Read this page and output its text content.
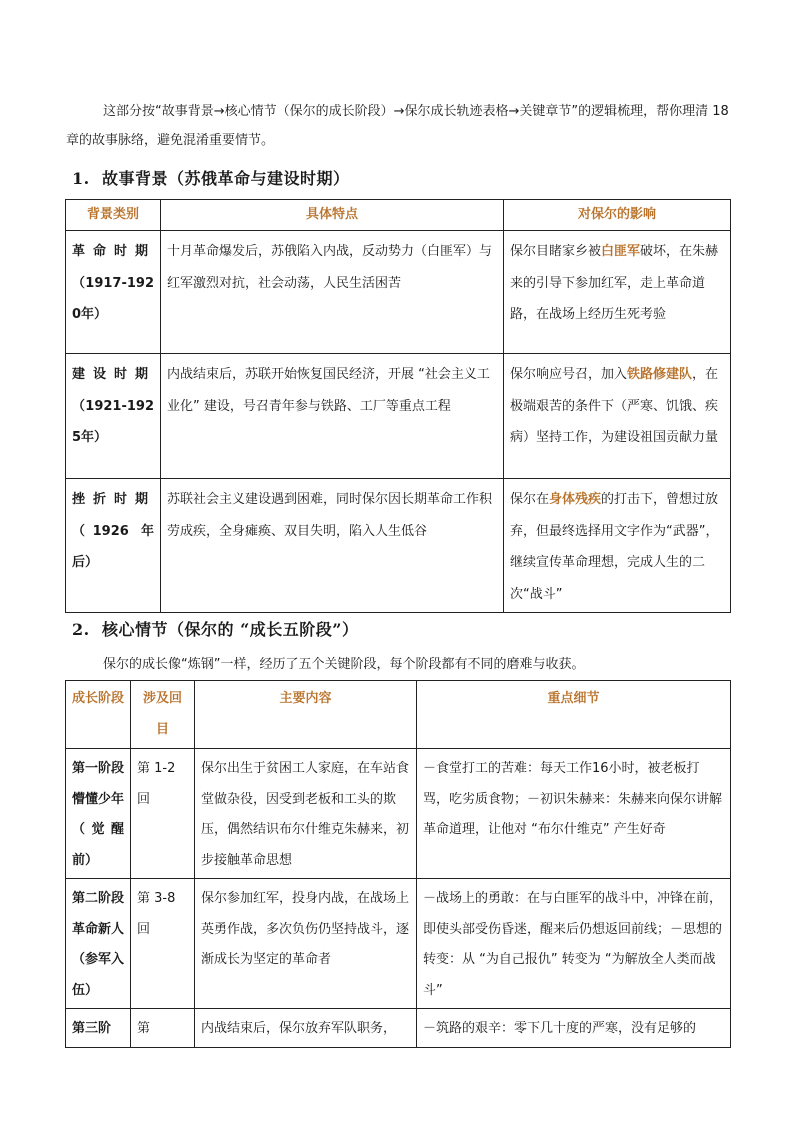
这部分按“故事背景→核心情节（保尔的成长阶段）→保尔成长轨迹表格→关键章节”的逻辑梳理，帮你理清 18 章的故事脉络，避免混淆重要情节。

1. 故事背景（苏俄革命与建设时期）
背景类别	具体特点	对保尔的影响
革命时期（1917-1920年）	十月革命爆发后，苏俄陷入内战，反动势力（白匪军）与红军激烈对抗，社会动荡，人民生活困苦	保尔目睹家乡被白匪军破坏，在朱赫来的引导下参加红军，走上革命道路，在战场上经历生死考验
建设时期（1921-1925年）	内战结束后，苏联开始恢复国民经济，开展 “社会主义工业化” 建设，号召青年参与铁路、工厂等重点工程	保尔响应号召，加入铁路修建队，在极端艰苦的条件下（严寒、饥饿、疾病）坚持工作，为建设祖国贡献力量
挫折时期（1926 年后）	苏联社会主义建设遇到困难，同时保尔因长期革命工作积劳成疾，全身瘫痪、双目失明，陷入人生低谷	保尔在身体残疾的打击下，曾想过放弃，但最终选择用文字作为“武器”，继续宣传革命理想，完成人生的二次“战斗”
2. 核心情节（保尔的 “成长五阶段”）

保尔的成长像“炼钢”一样，经历了五个关键阶段，每个阶段都有不同的磨难与收获。

成长阶段	涉及回目	主要内容	重点细节
第一阶段 懵懂少年（觉醒前）	第 1-2 回	保尔出生于贫困工人家庭，在车站食堂做杂役，因受到老板和工头的欺压，偶然结识布尔什维克朱赫来，初步接触革命思想	－食堂打工的苦难：每天工作16小时，被老板打骂，吃劣质食物；－初识朱赫来：朱赫来向保尔讲解革命道理，让他对 “布尔什维克” 产生好奇
第二阶段 革命新人（参军入伍）	第 3-8 回	保尔参加红军，投身内战，在战场上英勇作战，多次负伤仍坚持战斗，逐渐成长为坚定的革命者	－战场上的勇敢：在与白匪军的战斗中，冲锋在前，即使头部受伤昏迷，醒来后仍想返回前线；－思想的转变：从 “为自己报仇” 转变为 “为解放全人类而战斗”
第三阶	第	内战结束后，保尔放弃军队职务，	－筑路的艰辛：零下几十度的严寒，没有足够的
